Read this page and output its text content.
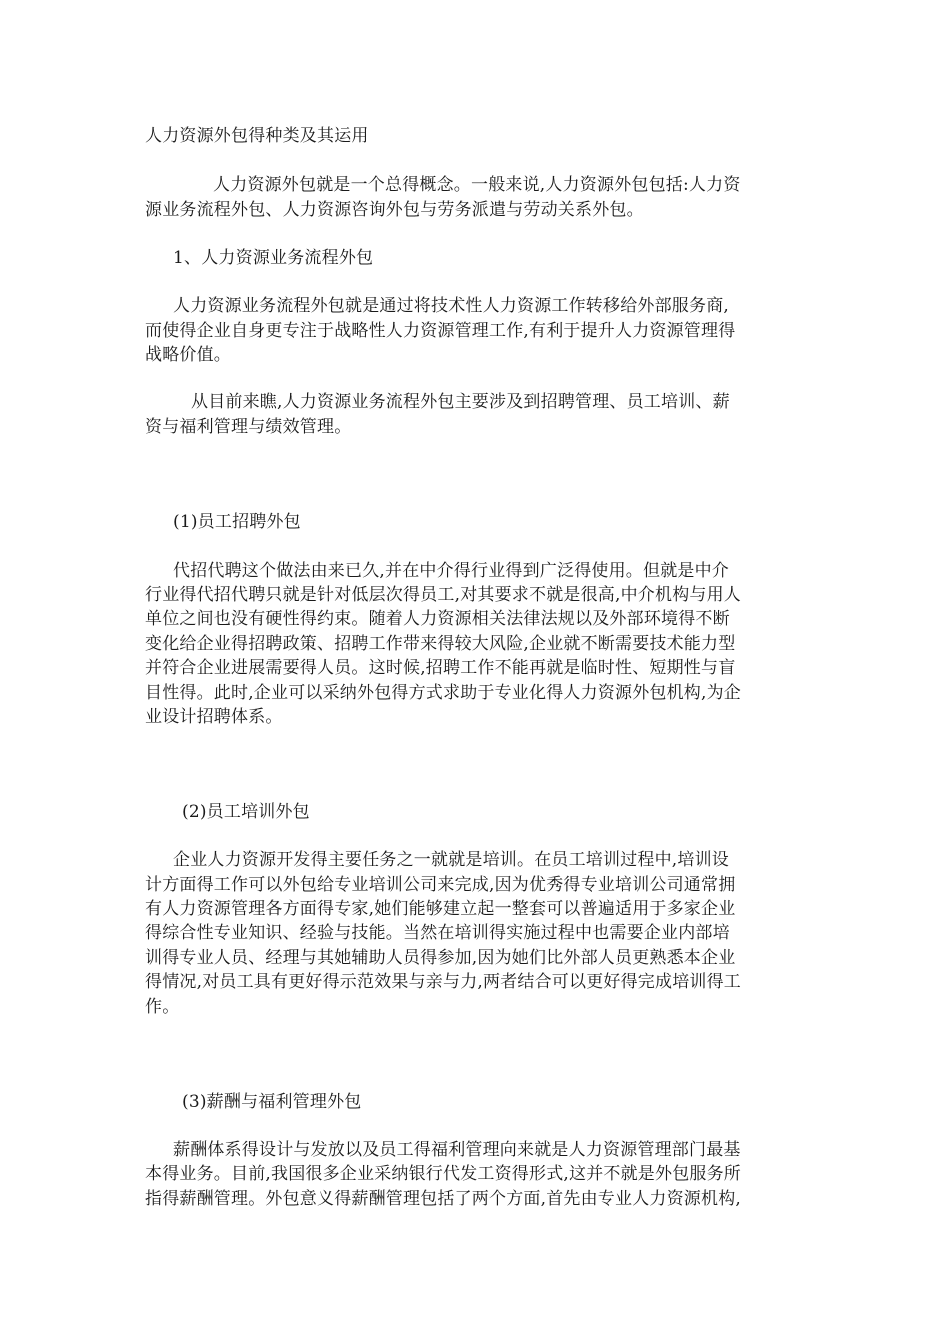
人力资源外包得种类及其运用
人力资源外包就是一个总得概念。一般来说,人力资源外包包括:人力资
源业务流程外包、人力资源咨询外包与劳务派遣与劳动关系外包。
1、人力资源业务流程外包
人力资源业务流程外包就是通过将技术性人力资源工作转移给外部服务商,
而使得企业自身更专注于战略性人力资源管理工作,有利于提升人力资源管理得
战略价值。
从目前来瞧,人力资源业务流程外包主要涉及到招聘管理、员工培训、薪
资与福利管理与绩效管理。
(1)员工招聘外包
代招代聘这个做法由来已久,并在中介得行业得到广泛得使用。但就是中介
行业得代招代聘只就是针对低层次得员工,对其要求不就是很高,中介机构与用人
单位之间也没有硬性得约束。随着人力资源相关法律法规以及外部环境得不断
变化给企业得招聘政策、招聘工作带来得较大风险,企业就不断需要技术能力型
并符合企业进展需要得人员。这时候,招聘工作不能再就是临时性、短期性与盲
目性得。此时,企业可以采纳外包得方式求助于专业化得人力资源外包机构,为企
业设计招聘体系。
(2)员工培训外包
企业人力资源开发得主要任务之一就就是培训。在员工培训过程中,培训设
计方面得工作可以外包给专业培训公司来完成,因为优秀得专业培训公司通常拥
有人力资源管理各方面得专家,她们能够建立起一整套可以普遍适用于多家企业
得综合性专业知识、经验与技能。当然在培训得实施过程中也需要企业内部培
训得专业人员、经理与其她辅助人员得参加,因为她们比外部人员更熟悉本企业
得情况,对员工具有更好得示范效果与亲与力,两者结合可以更好得完成培训得工
作。
(3)薪酬与福利管理外包
薪酬体系得设计与发放以及员工得福利管理向来就是人力资源管理部门最基
本得业务。目前,我国很多企业采纳银行代发工资得形式,这并不就是外包服务所
指得薪酬管理。外包意义得薪酬管理包括了两个方面,首先由专业人力资源机构,
